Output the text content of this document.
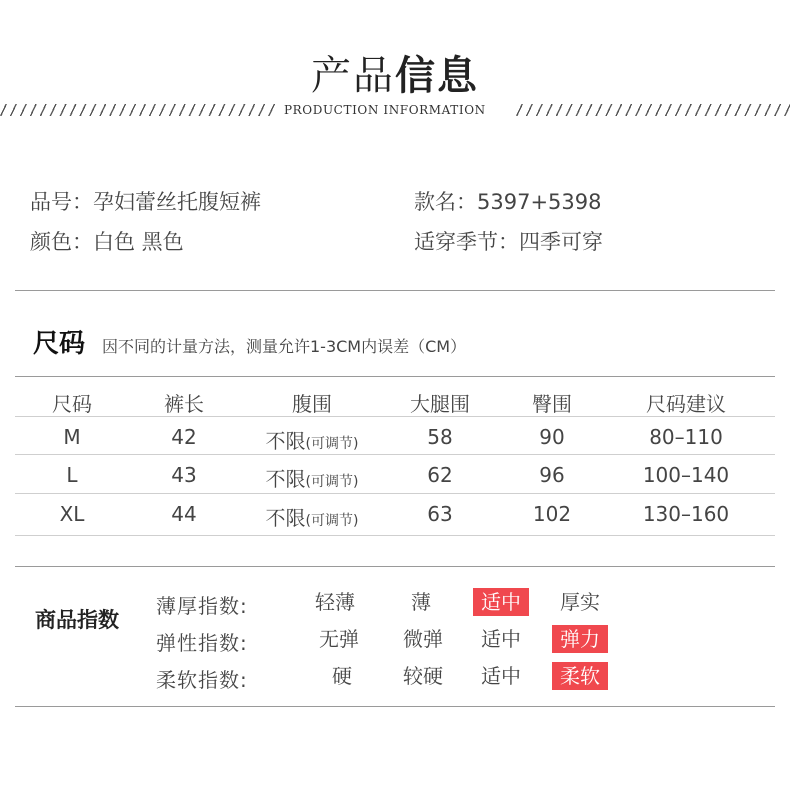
产品信息
PRODUCTION INFORMATION
品号：孕妇蕾丝托腹短裤	款名：5397+5398
颜色：白色 黑色	适穿季节：四季可穿
尺码 因不同的计量方法，测量允许1-3CM内误差（CM）
尺码	裤长	腹围	大腿围	臀围	尺码建议
M	42	不限(可调节)	58	90	80–110
L	43	不限(可调节)	62	96	100–140
XL	44	不限(可调节)	63	102	130–160
商品指数
薄厚指数:	轻薄	薄	适中	厚实
弹性指数:	无弹	微弹	适中	弹力
柔软指数:	硬	较硬	适中	柔软
